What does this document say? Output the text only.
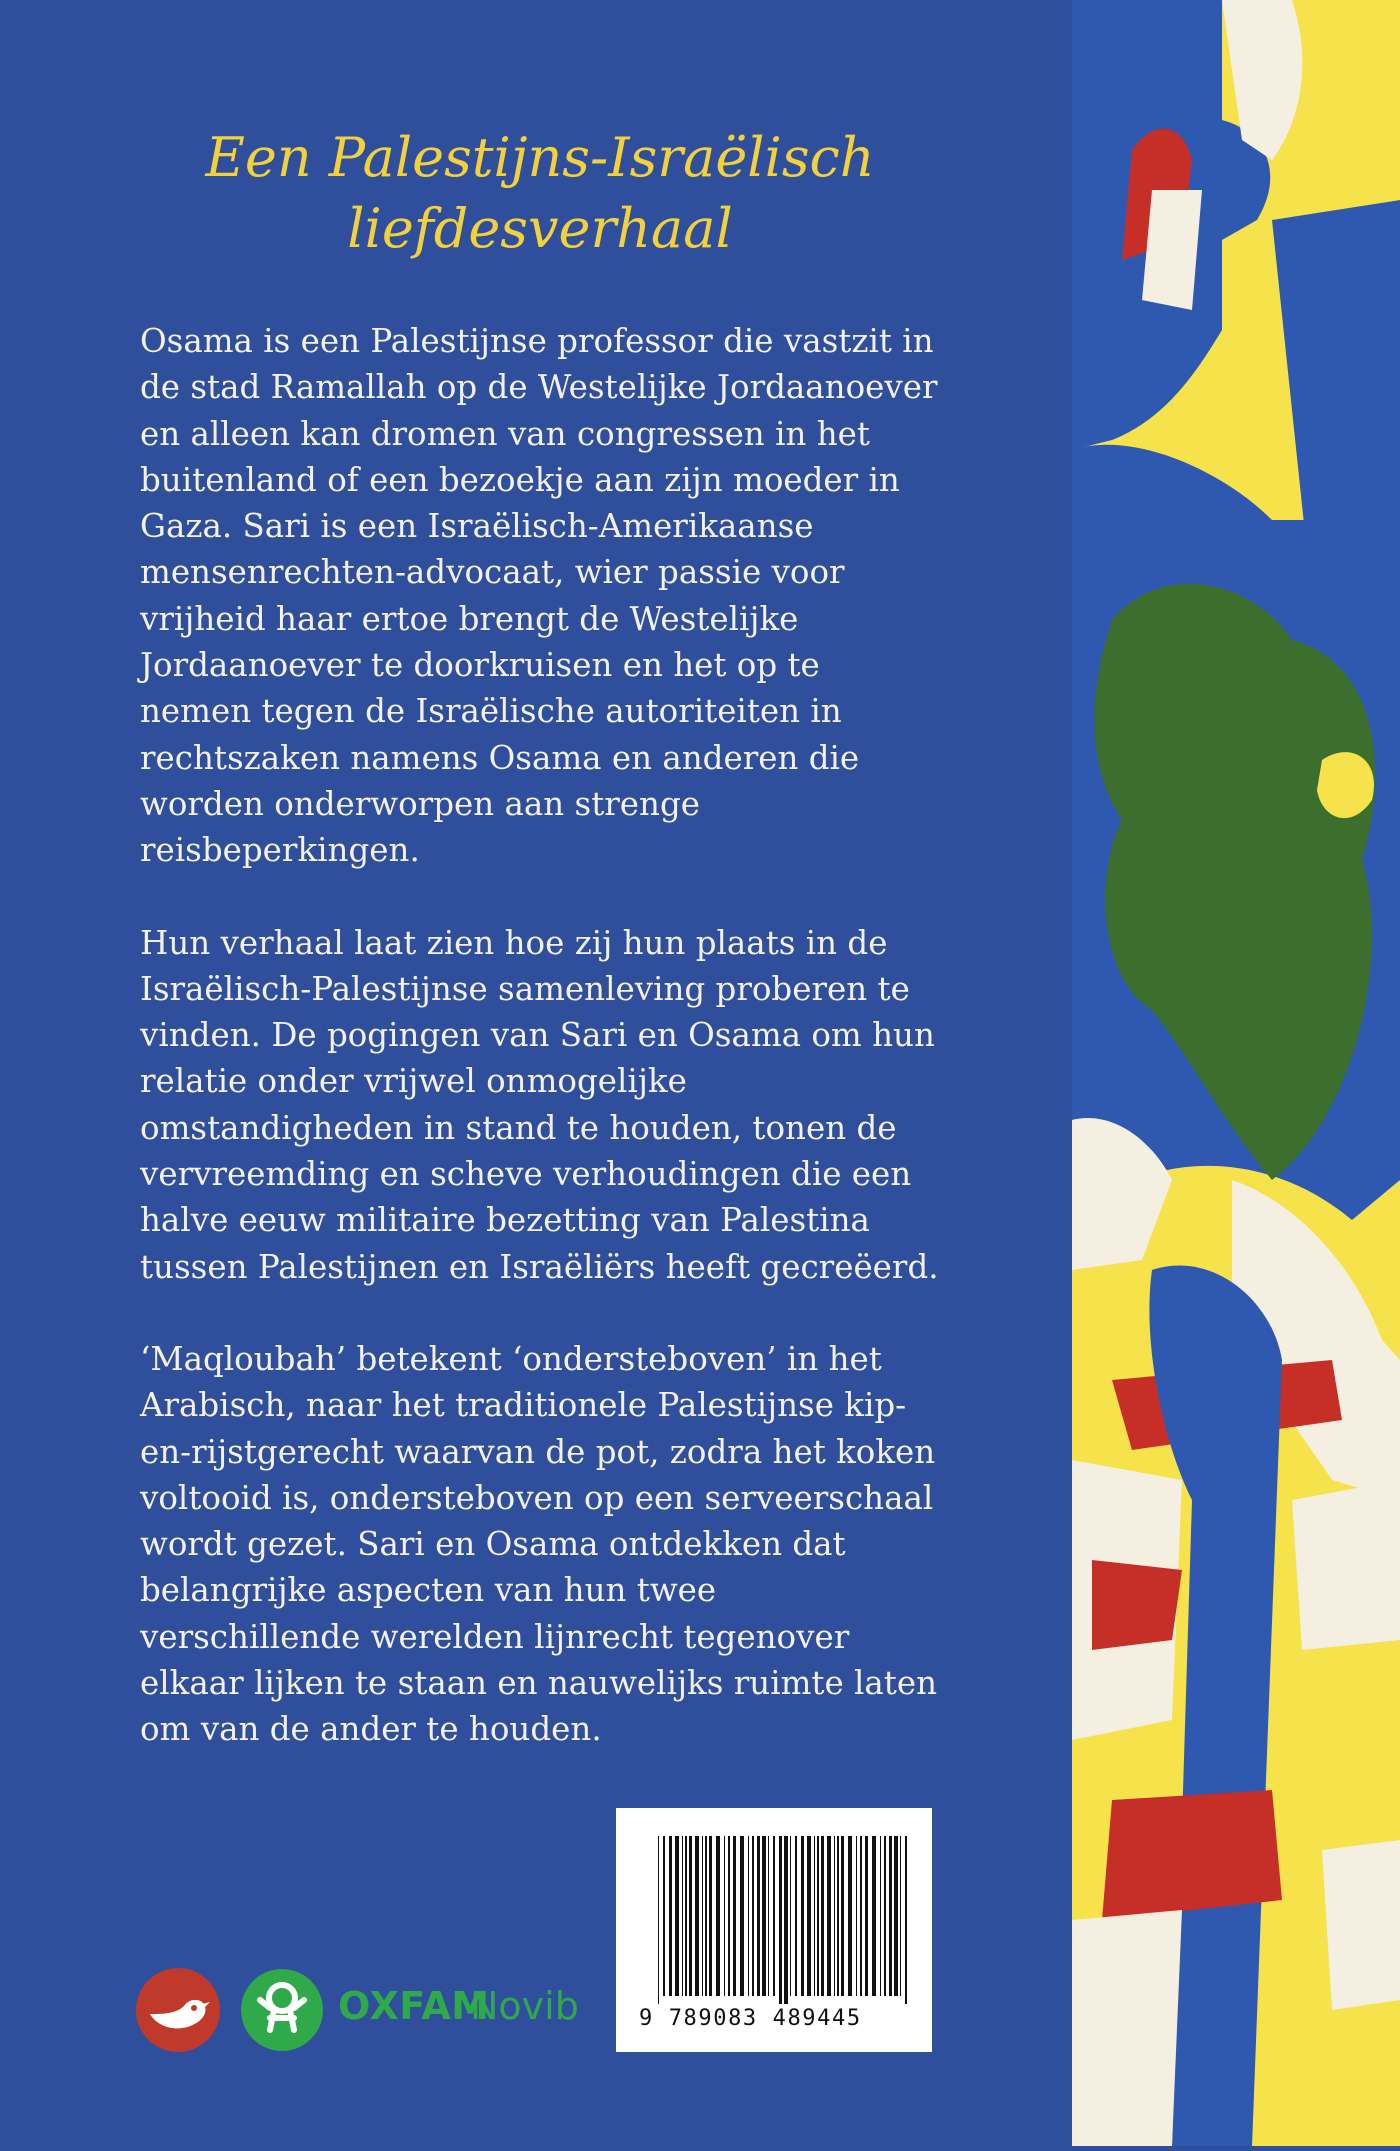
Een Palestijns-Israëlisch
liefdesverhaal

Osama is een Palestijnse professor die vastzit in de stad Ramallah op de Westelijke Jordaanoever en alleen kan dromen van congressen in het buitenland of een bezoekje aan zijn moeder in Gaza. Sari is een Israëlisch-Amerikaanse mensenrechten-advocaat, wier passie voor vrijheid haar ertoe brengt de Westelijke Jordaanoever te doorkruisen en het op te nemen tegen de Israëlische autoriteiten in rechtszaken namens Osama en anderen die worden onderworpen aan strenge reisbeperkingen.

Hun verhaal laat zien hoe zij hun plaats in de Israëlisch-Palestijnse samenleving proberen te vinden. De pogingen van Sari en Osama om hun relatie onder vrijwel onmogelijke omstandigheden in stand te houden, tonen de vervreemding en scheve verhoudingen die een halve eeuw militaire bezetting van Palestina tussen Palestijnen en Israëliërs heeft gecreëerd.

‘Maqloubah’ betekent ‘ondersteboven’ in het Arabisch, naar het traditionele Palestijnse kip-en-rijstgerecht waarvan de pot, zodra het koken voltooid is, ondersteboven op een serveerschaal wordt gezet. Sari en Osama ontdekken dat belangrijke aspecten van hun twee verschillende werelden lijnrecht tegenover elkaar lijken te staan en nauwelijks ruimte laten om van de ander te houden.

OXFAM
Novib	9 789083 489445
